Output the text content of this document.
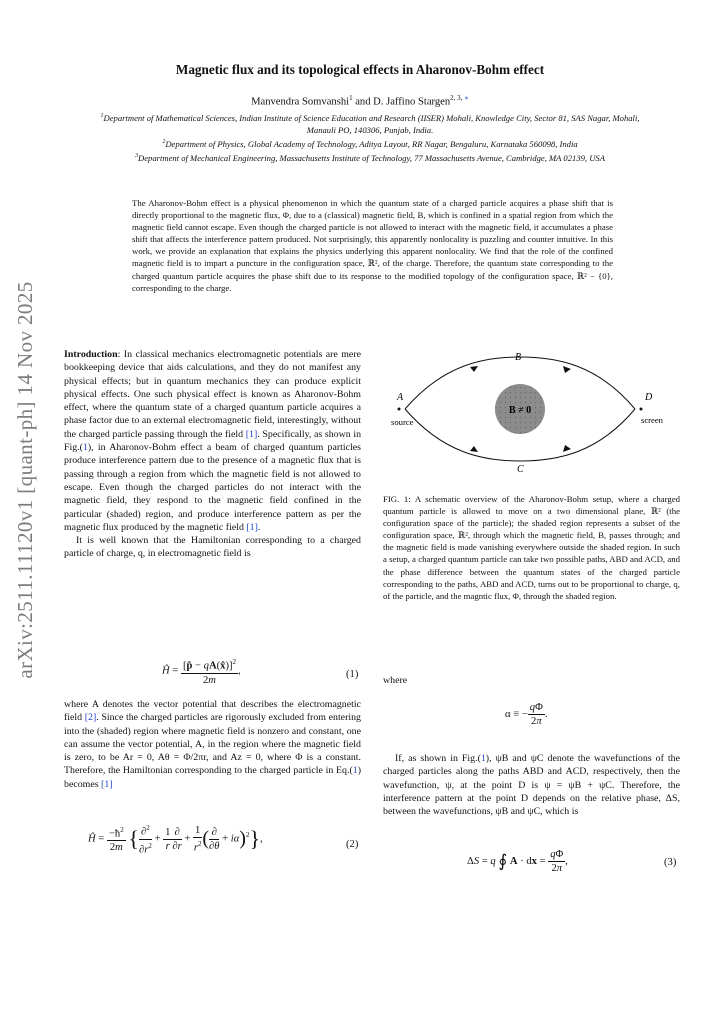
arXiv:2511.11120v1 [quant-ph] 14 Nov 2025
Magnetic flux and its topological effects in Aharonov-Bohm effect
Manvendra Somvanshi$^1$ and D. Jaffino Stargen$^{2, 3, ∗}$
$^1$Department of Mathematical Sciences, Indian Institute of Science Education and Research (IISER) Mohali, Knowledge City, Sector 81, SAS Nagar, Mohali, Manauli PO, 140306, Punjab, India.
$^2$Department of Physics, Global Academy of Technology, Aditya Layout, RR Nagar, Bengaluru, Karnataka 560098, India
$^3$Department of Mechanical Engineering, Massachusetts Institute of Technology, 77 Massachusetts Avenue, Cambridge, MA 02139, USA
The Aharonov-Bohm effect is a physical phenomenon in which the quantum state of a charged particle acquires a phase shift that is directly proportional to the magnetic flux, Φ, due to a (classical) magnetic field, B, which is confined in a spatial region from which the magnetic field cannot escape. Even though the charged particle is not allowed to interact with the magnetic field, it accumulates a phase shift that affects the interference pattern produced. Not surprisingly, this apparently nonlocality is puzzling and counter intuitive. In this work, we provide an explanation that explains the physics underlying this apparent nonlocality. We find that the role of the confined magnetic field is to impart a puncture in the configuration space, ℝ², of the charge. Therefore, the quantum state corresponding to the charged quantum particle acquires the phase shift due to its response to the modified topology of the configuration space, ℝ² − {0}, corresponding to the charge.

Introduction: In classical mechanics electromagnetic potentials are mere bookkeeping device that aids calculations, and they do not manifest any physical effects; but in quantum mechanics they can produce explicit physical effects. One such physical effect is known as Aharonov-Bohm effect, where the quantum state of a charged quantum particle acquires a phase factor due to an external electromagnetic field, interestingly, without the charged particle passing through the field [1]. Specifically, as shown in Fig.(1), in Aharonov-Bohm effect a beam of charged quantum particles produce interference pattern due to the presence of a magnetic flux that is passing through a region from which the magnetic field is not allowed to escape. Even though the charged particles do not interact with the magnetic field, they respond to the magnetic field confined in the particular (shaded) region, and produce interference pattern as per the magnetic flux produced by the magnetic field [1].

It is well known that the Hamiltonian corresponding to a charged particle of charge, q, in electromagnetic field is

Ĥ = $\frac{[p̂ - qA(x̂)]^2}{2m}$ ,	(1)

where A denotes the vector potential that describes the electromagnetic field [2]. Since the charged particles are rigorously excluded from entering into the (shaded) region where magnetic field is nonzero and constant, one can assume the vector potential, A, in the region where the magnetic field is zero, to be Ar = 0, Aθ = Φ/2πr, and Az = 0, where Φ is a constant. Therefore, the Hamiltonian corresponding to the charged particle in Eq.(1) becomes [1]

Ĥ = $\frac{-ħ^2}{2m}$ { $\frac{\partial^2}{\partial r^2} + \frac{1}{r} \frac{\partial}{\partial r} + \frac{1}{r^2}$ ( $\frac{\partial}{\partial\theta} + i\alpha)^2$},
(2)
B ≠ 0
A
source
B
C
D
screen
FIG. 1: A schematic overview of the Aharonov-Bohm setup, where a charged quantum particle is allowed to move on a two dimensional plane, ℝ² (the configuration space of the particle); the shaded region represents a subset of the configuration space, ℝ², through which the magnetic field, B, passes through; and the magnetic field is made vanishing everywhere outside the shaded region. In such a setup, a charged quantum particle can take two possible paths, ABD and ACD, and the phase difference between the quantum states of the charged particle corresponding to the paths, ABD and ACD, turns out to be proportional to charge, q, of the particle, and the magntic flux, Φ, through the shaded region.
where
α ≡ − $\frac{q\Phi}{2\pi}$ .

If, as shown in Fig.(1), ψB and ψC denote the wavefunctions of the charged particles along the paths ABD and ACD, respectively, then the wavefunction, ψ, at the point D is ψ = ψB + ψC. Therefore, the interference pattern at the point D depends on the relative phase, ΔS, between the wavefunctions, ψB and ψC, which is

ΔS = q ∮ A · dx = $\frac{q\Phi}{2\pi}$ ,	(3)
